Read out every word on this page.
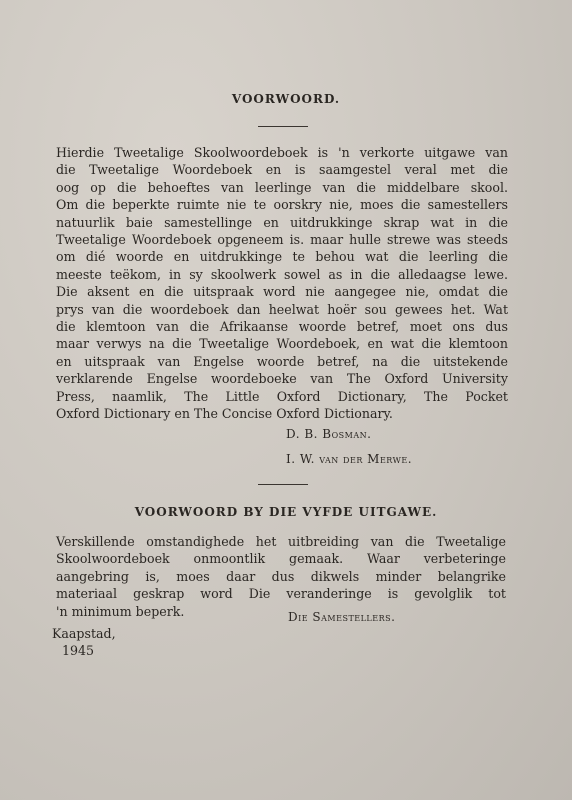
VOORWOORD.
Hierdie Tweetalige Skoolwoordeboek is 'n verkorte uitgawe van
die Tweetalige Woordeboek en is saamgestel veral met die
oog op die behoeftes van leerlinge van die middelbare skool.
Om die beperkte ruimte nie te oorskry nie, moes die samestellers
natuurlik baie samestellinge en uitdrukkinge skrap wat in die
Tweetalige Woordeboek opgeneem is. maar hulle strewe was steeds
om dié woorde en uitdrukkinge te behou wat die leerling die
meeste teëkom, in sy skoolwerk sowel as in die alledaagse lewe.
Die aksent en die uitspraak word nie aangegee nie, omdat die
prys van die woordeboek dan heelwat hoër sou gewees het. Wat
die klemtoon van die Afrikaanse woorde betref, moet ons dus
maar verwys na die Tweetalige Woordeboek, en wat die klemtoon
en uitspraak van Engelse woorde betref, na die uitstekende
verklarende Engelse woordeboeke van The Oxford University
Press, naamlik, The Little Oxford Dictionary, The Pocket
Oxford Dictionary en The Concise Oxford Dictionary.
D. B. Bosman.
I. W. van der Merwe.
VOORWOORD BY DIE VYFDE UITGAWE.
Verskillende omstandighede het uitbreiding van die Tweetalige
Skoolwoordeboek onmoontlik gemaak. Waar verbeteringe
aangebring is, moes daar dus dikwels minder belangrike
materiaal geskrap word Die veranderinge is gevolglik tot
'n minimum beperk.	Die Samestellers.
Kaapstad,
1945
